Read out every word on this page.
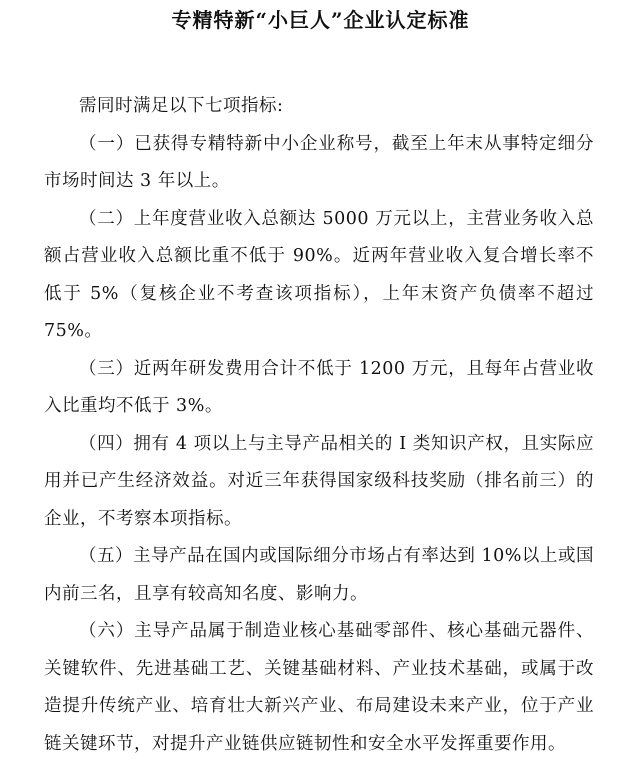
专精特新“小巨人”企业认定标准

需同时满足以下七项指标:

（一）已获得专精特新中小企业称号，截至上年末从事特定细分市场时间达 3 年以上。

（二）上年度营业收入总额达 5000 万元以上，主营业务收入总额占营业收入总额比重不低于 90%。近两年营业收入复合增长率不低于 5%（复核企业不考查该项指标），上年末资产负债率不超过 75%。

（三）近两年研发费用合计不低于 1200 万元，且每年占营业收入比重均不低于 3%。

（四）拥有 4 项以上与主导产品相关的 I 类知识产权，且实际应用并已产生经济效益。对近三年获得国家级科技奖励（排名前三）的企业，不考察本项指标。

（五）主导产品在国内或国际细分市场占有率达到 10%以上或国内前三名，且享有较高知名度、影响力。

（六）主导产品属于制造业核心基础零部件、核心基础元器件、关键软件、先进基础工艺、关键基础材料、产业技术基础，或属于改造提升传统产业、培育壮大新兴产业、布局建设未来产业，位于产业链关键环节，对提升产业链供应链韧性和安全水平发挥重要作用。
